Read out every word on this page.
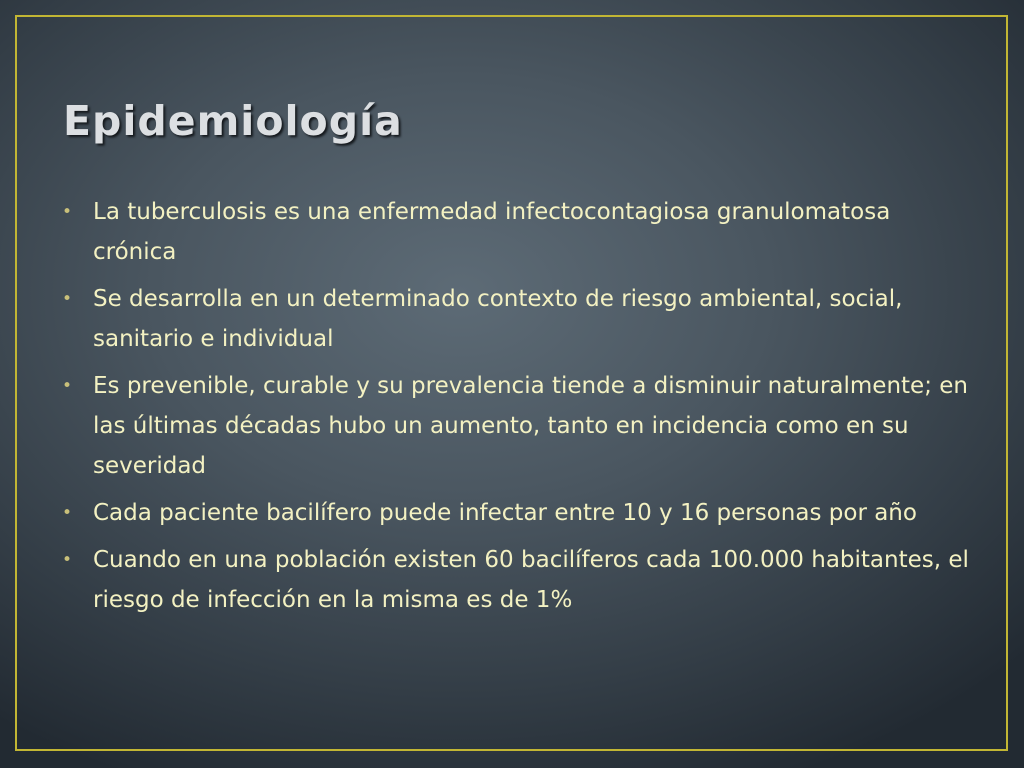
Epidemiología
• La tuberculosis es una enfermedad infectocontagiosa granulomatosa crónica
• Se desarrolla en un determinado contexto de riesgo ambiental, social, sanitario e individual
• Es prevenible, curable y su prevalencia tiende a disminuir naturalmente; en las últimas décadas hubo un aumento, tanto en incidencia como en su severidad
• Cada paciente bacilífero puede infectar entre 10 y 16 personas por año
• Cuando en una población existen 60 bacilíferos cada 100.000 habitantes, el riesgo de infección en la misma es de 1%
